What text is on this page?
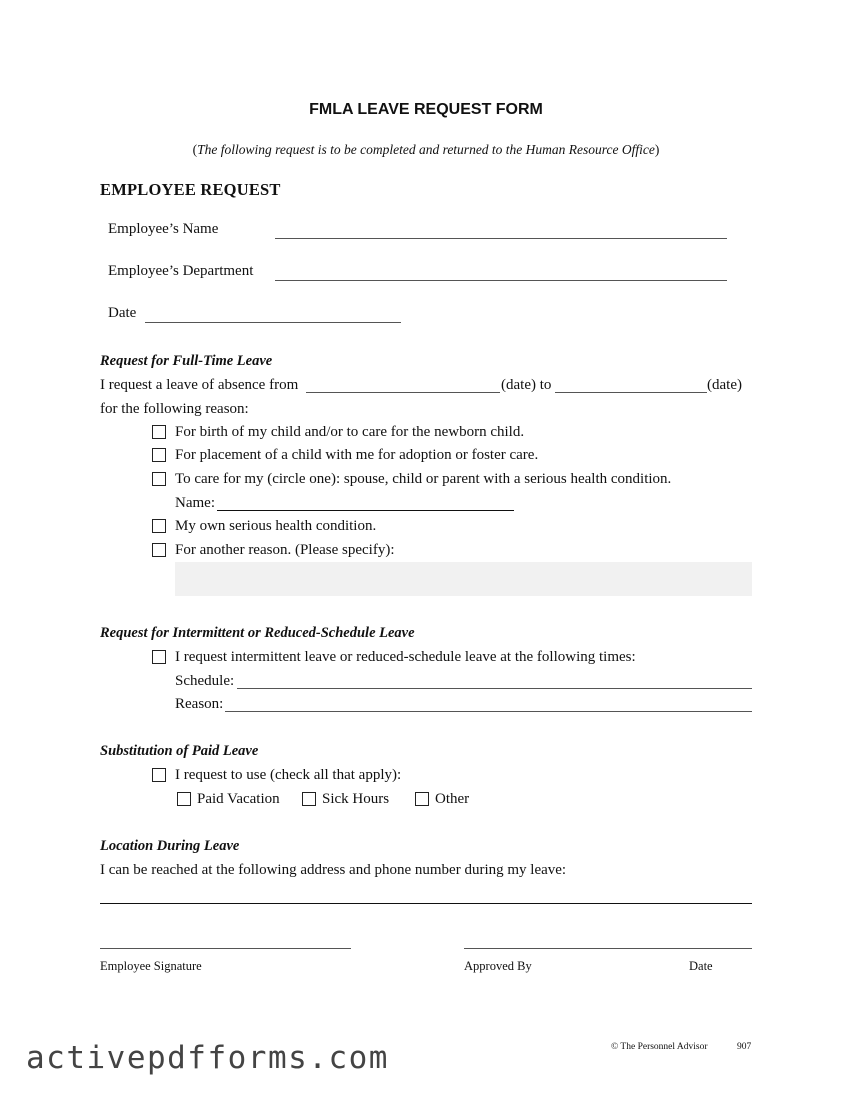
FMLA LEAVE REQUEST FORM
(The following request is to be completed and returned to the Human Resource Office)
EMPLOYEE REQUEST
Employee’s Name
Employee’s Department
Date
Request for Full-Time Leave
I request a leave of absence from	(date) to	(date)
for the following reason:
For birth of my child and/or to care for the newborn child.
For placement of a child with me for adoption or foster care.
To care for my (circle one): spouse, child or parent with a serious health condition.
Name:
My own serious health condition.
For another reason. (Please specify):
Request for Intermittent or Reduced-Schedule Leave
I request intermittent leave or reduced-schedule leave at the following times:
Schedule:
Reason:
Substitution of Paid Leave
I request to use (check all that apply):
Paid Vacation	Sick Hours	Other
Location During Leave
I can be reached at the following address and phone number during my leave:
Employee Signature	Approved By	Date
© The Personnel Advisor	907
activepdfforms.com
